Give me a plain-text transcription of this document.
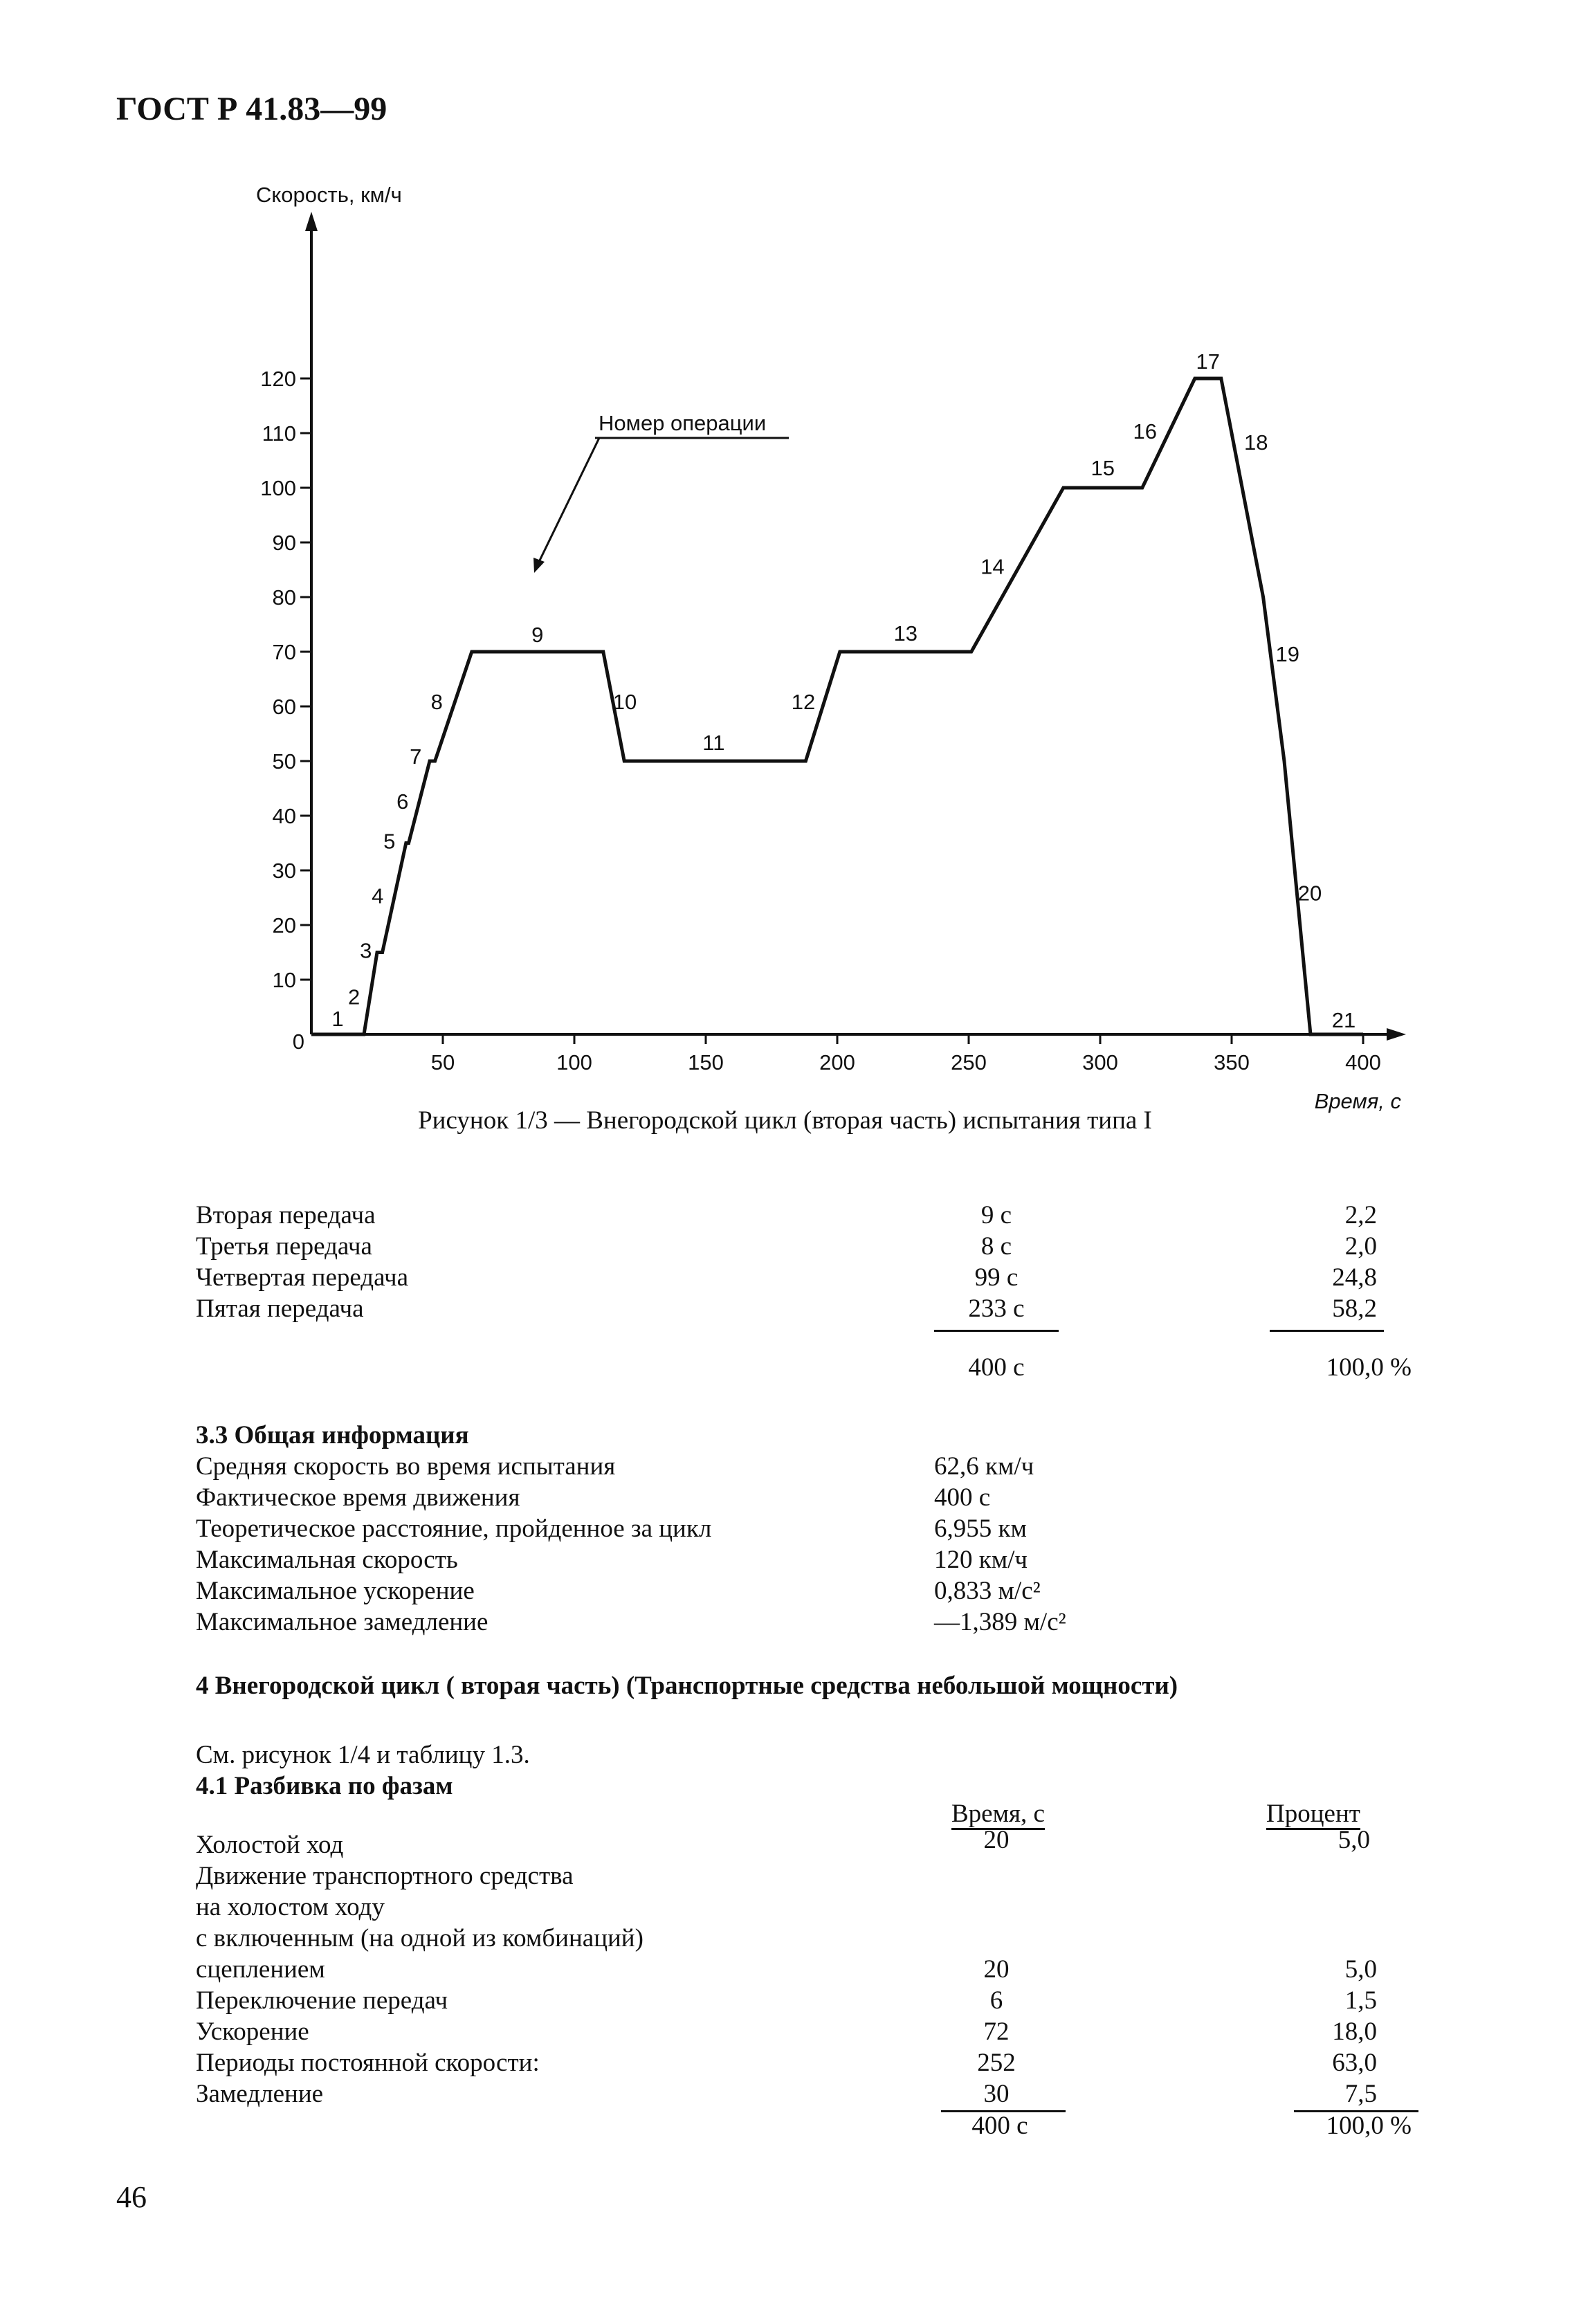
ГОСТ Р 41.83—99
Скорость, км/ч
Время, с
0
10
20
30
40
50
60
70
80
90
100
110
120
50	100	150	200	250	300	350	400
1
2
3
4
5
6
7
8
9
10
11
12
13
14
15
16
17
18
19
20
21
Номер операции
Рисунок 1/3 — Внегородской цикл (вторая часть) испытания типа I
Вторая передача	9 с	2,2
Третья передача	8 с	2,0
Четвертая передача	99 с	24,8
Пятая передача	233 с	58,2
400 с	100,0 %
3.3 Общая информация
Средняя скорость во время испытания	62,6 км/ч
Фактическое время движения	400 с
Теоретическое расстояние, пройденное за цикл	6,955 км
Максимальная скорость	120 км/ч
Максимальное ускорение	0,833 м/с²
Максимальное замедление	—1,389 м/с²
4 Внегородской цикл ( вторая часть) (Транспортные средства небольшой мощности)
См. рисунок 1/4 и таблицу 1.3.
4.1 Разбивка по фазам
Время, с	Процент
Холостой ход	20	5,0
Движение транспортного средства
на холостом ходу
с включенным (на одной из комбинаций)
сцеплением	20	5,0
Переключение передач	6	1,5
Ускорение	72	18,0
Периоды постоянной скорости:	252	63,0
Замедление	30	7,5
400 с	100,0 %
46
